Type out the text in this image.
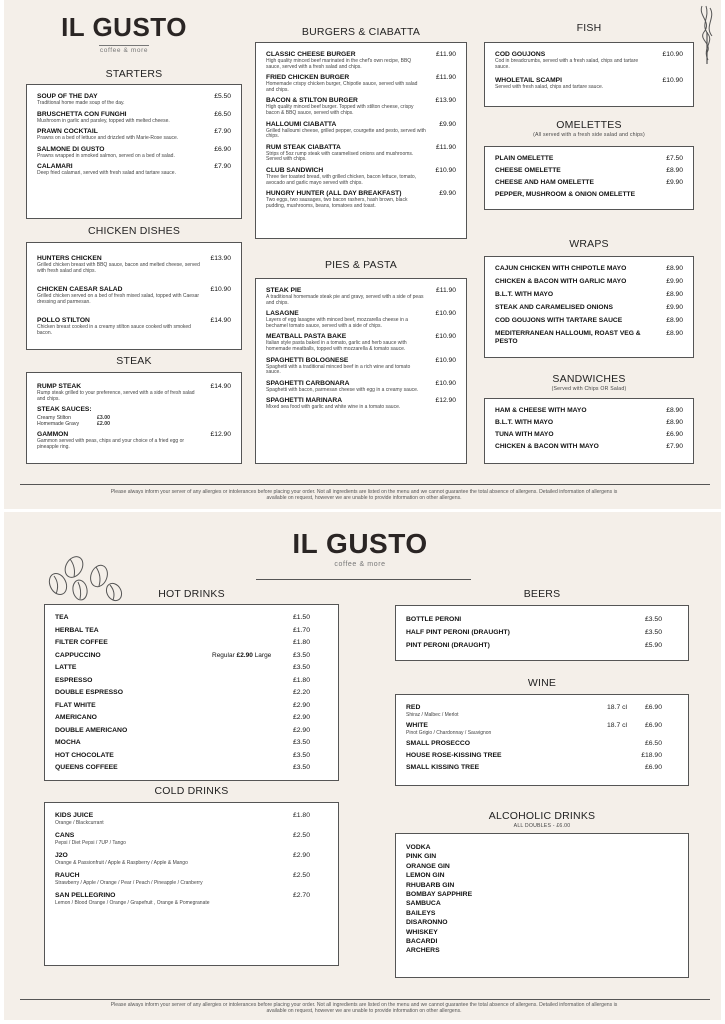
IL GUSTO
coffee & more
STARTERS
SOUP OF THE DAY	£5.50
Traditional home made soup of the day.
BRUSCHETTA CON FUNGHI	£6.50
Mushroom in garlic and parsley, topped with melted cheese.
PRAWN COCKTAIL	£7.90
Prawns on a bed of lettuce and drizzled with Marie-Rose sauce.
SALMONE DI GUSTO	£6.90
Prawns wrapped in smoked salmon, served on a bed of salad.
CALAMARI	£7.90
Deep fried calamari, served with fresh salad and tartare sauce.
CHICKEN DISHES
HUNTERS CHICKEN	£13.90
Grilled chicken breast with BBQ sauce, bacon and melted cheese, served with fresh salad and chips.
CHICKEN CAESAR SALAD	£10.90
Grilled chicken served on a bed of fresh mixed salad, topped with Caesar dressing and parmesan.
POLLO STILTON	£14.90
Chicken breast cooked in a creamy stilton sauce cooked with smoked bacon.
STEAK
RUMP STEAK	£14.90
Rump steak grilled to your preference, served with a side of fresh salad and chips.
STEAK SAUCES:
Creamy Stilton	£3.00
Homemade Gravy	£2.00
GAMMON	£12.90
Gammon served with peas, chips and your choice of a fried egg or pineapple ring.
BURGERS & CIABATTA
CLASSIC CHEESE BURGER	£11.90
High quality minced beef marinated in the chef's own recipe, BBQ sauce, served with a fresh salad and chips.
FRIED CHICKEN BURGER	£11.90
Homemade crispy chicken burger, Chipotle sauce, served with salad and chips.
BACON & STILTON BURGER	£13.90
High quality minced beef burger. Topped with stilton cheese, crispy bacon & BBQ sauce, served with chips.
HALLOUMI CIABATTA	£9.90
Grilled halloumi cheese, grilled pepper, courgette and pesto, served with chips.
RUM STEAK CIABATTA	£11.90
Strips of 5oz rump steak with caramelised onions and mushrooms. Served with chips.
CLUB SANDWICH	£10.90
Three tier toasted bread, with grilled chicken, bacon lettuce, tomato, avocado and garlic mayo served with chips.
HUNGRY HUNTER (ALL DAY BREAKFAST)	£9.90
Two eggs, two sausages, two bacon rashers, hash brown, black pudding, mushrooms, beans, tomatoes and toast.
PIES & PASTA
STEAK PIE	£11.90
A traditional homemade steak pie and gravy, served with a side of peas and chips.
LASAGNE	£10.90
Layers of egg lasagne with minced beef, mozzarella cheese in a bechamel tomato sauce, served with a side of chips.
MEATBALL PASTA BAKE	£10.90
Italian style pasta baked in a tomato, garlic and herb sauce with homemade meatballs, topped with mozzarella & tomato sauce.
SPAGHETTI BOLOGNESE	£10.90
Spaghetti with a traditional minced beef in a rich wine and tomato sauce.
SPAGHETTI CARBONARA	£10.90
Spaghetti with bacon, parmesan cheese with egg in a creamy sauce.
SPAGHETTI MARINARA	£12.90
Mixed sea food with garlic and white wine in a tomato sauce.
FISH
COD GOUJONS	£10.90
Cod in breadcrumbs, served with a fresh salad, chips and tartare sauce.
WHOLETAIL SCAMPI	£10.90
Served with fresh salad, chips and tartare sauce.
OMELETTES
(All served with a fresh side salad and chips)
PLAIN OMELETTE	£7.50
CHEESE OMELETTE	£8.90
CHEESE AND HAM OMELETTE	£9.90
PEPPER, MUSHROOM & ONION OMELETTE
WRAPS
CAJUN CHICKEN WITH CHIPOTLE MAYO	£8.90
CHICKEN & BACON WITH GARLIC MAYO	£9.90
B.L.T. WITH MAYO	£8.90
STEAK AND CARAMELISED ONIONS	£9.90
COD GOUJONS WITH TARTARE SAUCE	£8.90
MEDITERRANEAN HALLOUMI, ROAST VEG & PESTO
£8.90
SANDWICHES
(Served with Chips OR Salad)
HAM & CHEESE WITH MAYO	£8.90
B.L.T. WITH MAYO	£8.90
TUNA WITH MAYO	£6.90
CHICKEN & BACON WITH MAYO	£7.90
Please always inform your server of any allergies or intolerances before placing your order. Not all ingredients are listed on the menu and we cannot guarantee the total absence of allergens. Detailed information of allergens is available on request, however we are unable to provide information on other allergens.
IL GUSTO
coffee & more
HOT DRINKS
TEA	£1.50
HERBAL TEA	£1.70
FILTER COFFEE	£1.80
CAPPUCCINO	Regular £2.90 Large	£3.50
LATTE	£3.50
ESPRESSO	£1.80
DOUBLE ESPRESSO	£2.20
FLAT WHITE	£2.90
AMERICANO	£2.90
DOUBLE AMERICANO	£2.90
MOCHA	£3.50
HOT CHOCOLATE	£3.50
QUEENS COFFEEE	£3.50
COLD DRINKS
KIDS JUICE
Orange / Blackcurrant
£1.80
CANS
Pepsi / Diet Pepsi / 7UP / Tango
£2.50
J2O
Orange & Passionfruit / Apple & Raspberry / Apple & Mango
£2.90
RAUCH
Strawberry / Apple / Orange / Pear / Peach / Pineapple / Cranberry
£2.50
SAN PELLEGRINO
Lemon / Blood Orange / Orange / Grapefruit , Orange & Pomegranate
£2.70
BEERS
BOTTLE PERONI	£3.50
HALF PINT PERONI (DRAUGHT)	£3.50
PINT PERONI (DRAUGHT)	£5.90
WINE
RED
Shiraz / Malbec / Merlot
18.7 cl	£6.90
WHITE
Pinot Grigio / Chardonnay / Sauvignon
18.7 cl	£6.90
SMALL PROSECCO	£6.50
HOUSE ROSE-KISSING TREE	£18.90
SMALL KISSING TREE	£6.90
ALCOHOLIC DRINKS
ALL DOUBLES - £6.00
VODKA
PINK GIN
ORANGE GIN
LEMON GIN
RHUBARB GIN
BOMBAY SAPPHIRE
SAMBUCA
BAILEYS
DISARONNO
WHISKEY
BACARDI
ARCHERS
Please always inform your server of any allergies or intolerances before placing your order. Not all ingredients are listed on the menu and we cannot guarantee the total absence of allergens. Detailed information of allergens is available on request, however we are unable to provide information on other allergens.
